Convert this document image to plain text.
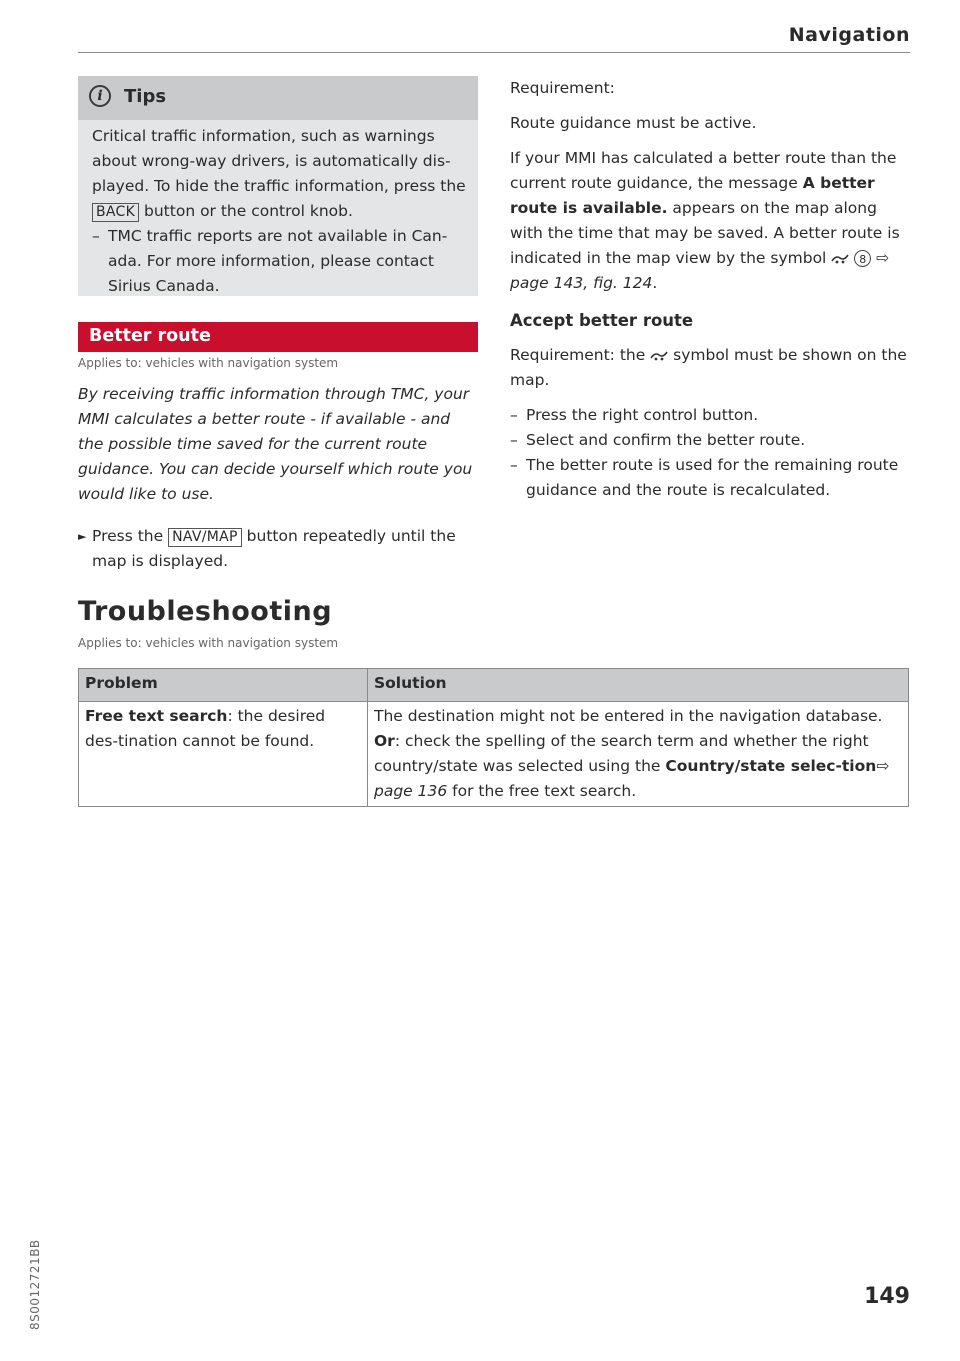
Navigation
i	Tips

Critical traffic information, such as warnings about wrong-way drivers, is automatically dis-played. To hide the traffic information, press the BACK button or the control knob.

– TMC traffic reports are not available in Can-ada. For more information, please contact Sirius Canada.

Better route
Applies to: vehicles with navigation system
By receiving traffic information through TMC, your MMI calculates a better route - if available - and the possible time saved for the current route guidance. You can decide yourself which route you would like to use.
► Press the NAV/MAP button repeatedly until the map is displayed.

Requirement:

Route guidance must be active.

If your MMI has calculated a better route than the current route guidance, the message A better route is available. appears on the map along with the time that may be saved. A better route is indicated in the map view by the symbol	8 ⇨ page 143, fig. 124.

Accept better route

Requirement: the  symbol must be shown on the map.

– Press the right control button.

– Select and confirm the better route.

– The better route is used for the remaining route guidance and the route is recalculated.

Troubleshooting
Applies to: vehicles with navigation system
Problem	Solution
Free text search: the desired des-tination cannot be found.	The destination might not be entered in the navigation database.
Or: check the spelling of the search term and whether the right country/state was selected using the Country/state selec-tion⇨ page 136 for the free text search.
149
8S0012721BB
